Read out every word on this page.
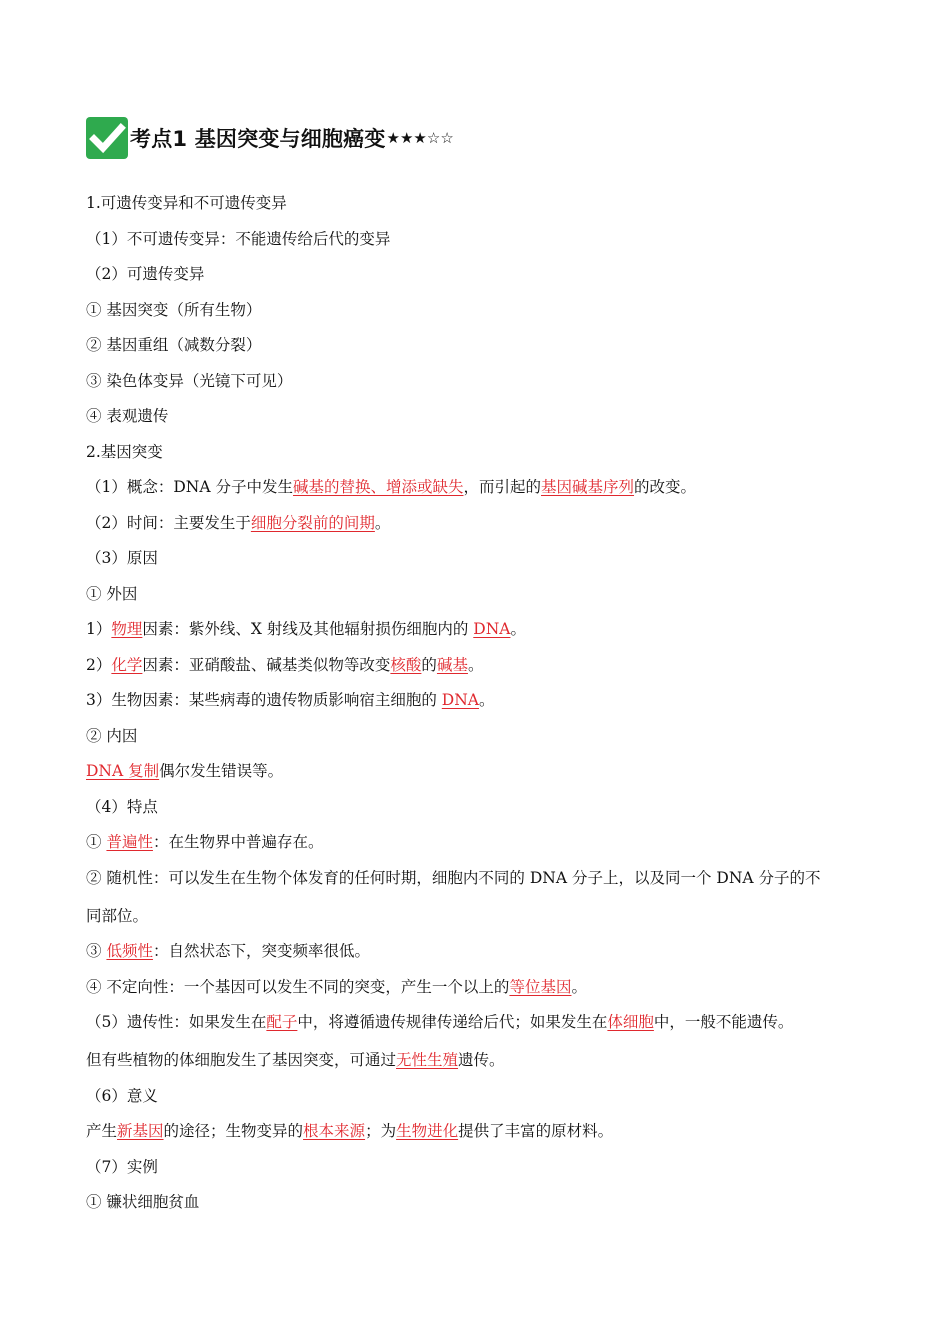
考点1 基因突变与细胞癌变 ★★★☆☆
1.可遗传变异和不可遗传变异
（1）不可遗传变异：不能遗传给后代的变异
（2）可遗传变异
① 基因突变（所有生物）
② 基因重组（减数分裂）
③ 染色体变异（光镜下可见）
④ 表观遗传
2.基因突变
（1）概念：DNA 分子中发生碱基的替换、增添或缺失，而引起的基因碱基序列的改变。
（2）时间：主要发生于细胞分裂前的间期。
（3）原因
① 外因
1）物理因素：紫外线、X 射线及其他辐射损伤细胞内的 DNA。
2）化学因素：亚硝酸盐、碱基类似物等改变核酸的碱基。
3）生物因素：某些病毒的遗传物质影响宿主细胞的 DNA。
② 内因
DNA 复制偶尔发生错误等。
（4）特点
① 普遍性：在生物界中普遍存在。
② 随机性：可以发生在生物个体发育的任何时期，细胞内不同的 DNA 分子上，以及同一个 DNA 分子的不
同部位。
③ 低频性：自然状态下，突变频率很低。
④ 不定向性：一个基因可以发生不同的突变，产生一个以上的等位基因。
（5）遗传性：如果发生在配子中，将遵循遗传规律传递给后代；如果发生在体细胞中，一般不能遗传。
但有些植物的体细胞发生了基因突变，可通过无性生殖遗传。
（6）意义
产生新基因的途径；生物变异的根本来源；为生物进化提供了丰富的原材料。
（7）实例
① 镰状细胞贫血
